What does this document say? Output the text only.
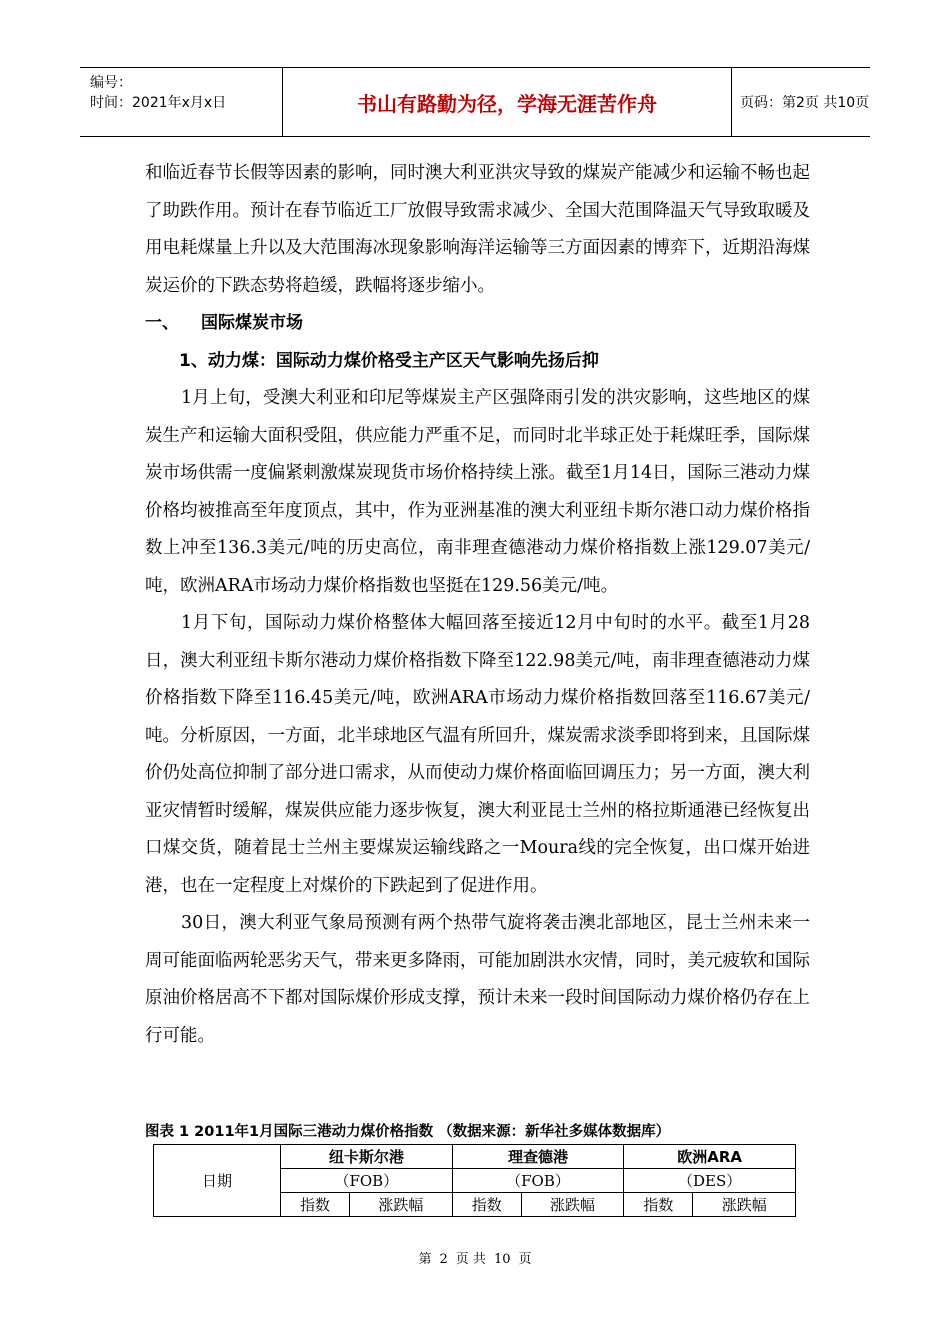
编号：
时间：2021年x月x日	书山有路勤为径，学海无涯苦作舟	页码：第2页 共10页

和临近春节长假等因素的影响，同时澳大利亚洪灾导致的煤炭产能减少和运输不畅也起了助跌作用。预计在春节临近工厂放假导致需求减少、全国大范围降温天气导致取暖及用电耗煤量上升以及大范围海冰现象影响海洋运输等三方面因素的博弈下，近期沿海煤炭运价的下跌态势将趋缓，跌幅将逐步缩小。

一、 国际煤炭市场
1、动力煤：国际动力煤价格受主产区天气影响先扬后抑

1月上旬，受澳大利亚和印尼等煤炭主产区强降雨引发的洪灾影响，这些地区的煤炭生产和运输大面积受阻，供应能力严重不足，而同时北半球正处于耗煤旺季，国际煤炭市场供需一度偏紧刺激煤炭现货市场价格持续上涨。截至1月14日，国际三港动力煤价格均被推高至年度顶点，其中，作为亚洲基准的澳大利亚纽卡斯尔港口动力煤价格指数上冲至136.3美元/吨的历史高位，南非理查德港动力煤价格指数上涨129.07美元/吨，欧洲ARA市场动力煤价格指数也坚挺在129.56美元/吨。

1月下旬，国际动力煤价格整体大幅回落至接近12月中旬时的水平。截至1月28日，澳大利亚纽卡斯尔港动力煤价格指数下降至122.98美元/吨，南非理查德港动力煤价格指数下降至116.45美元/吨，欧洲ARA市场动力煤价格指数回落至116.67美元/吨。分析原因，一方面，北半球地区气温有所回升，煤炭需求淡季即将到来，且国际煤价仍处高位抑制了部分进口需求，从而使动力煤价格面临回调压力；另一方面，澳大利亚灾情暂时缓解，煤炭供应能力逐步恢复，澳大利亚昆士兰州的格拉斯通港已经恢复出口煤交货，随着昆士兰州主要煤炭运输线路之一Moura线的完全恢复，出口煤开始进港，也在一定程度上对煤价的下跌起到了促进作用。

30日，澳大利亚气象局预测有两个热带气旋将袭击澳北部地区，昆士兰州未来一周可能面临两轮恶劣天气，带来更多降雨，可能加剧洪水灾情，同时，美元疲软和国际原油价格居高不下都对国际煤价形成支撑，预计未来一段时间国际动力煤价格仍存在上行可能。

图表 1 2011年1月国际三港动力煤价格指数 （数据来源：新华社多媒体数据库）
日期	纽卡斯尔港		理查德港		欧洲ARA	
	（FOB）		（FOB）		（DES）	
	指数	涨跌幅	指数	涨跌幅	指数	涨跌幅
第 2 页 共 10 页
